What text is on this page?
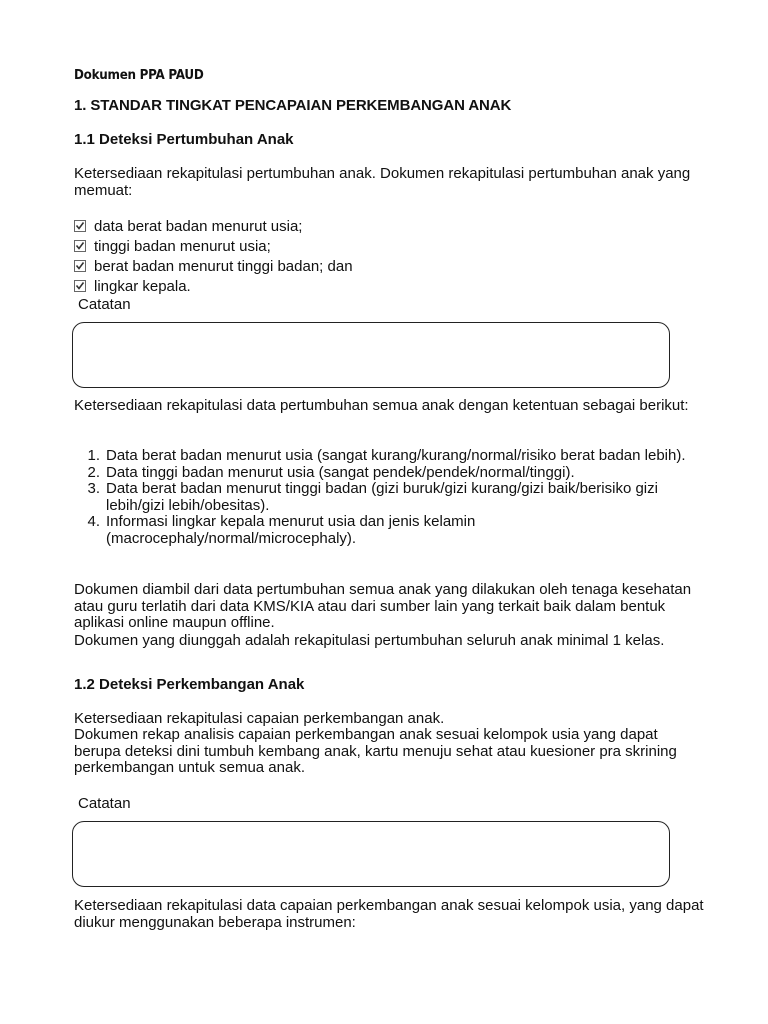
Dokumen PPA PAUD
1. STANDAR TINGKAT PENCAPAIAN PERKEMBANGAN ANAK
1.1 Deteksi Pertumbuhan Anak
Ketersediaan rekapitulasi pertumbuhan anak. Dokumen rekapitulasi pertumbuhan anak yang memuat:
data berat badan menurut usia;
tinggi badan menurut usia;
berat badan menurut tinggi badan; dan
lingkar kepala.
Catatan
Ketersediaan rekapitulasi data pertumbuhan semua anak dengan ketentuan sebagai berikut:
1. Data berat badan menurut usia (sangat kurang/kurang/normal/risiko berat badan lebih).
2. Data tinggi badan menurut usia (sangat pendek/pendek/normal/tinggi).
3. Data berat badan menurut tinggi badan (gizi buruk/gizi kurang/gizi baik/berisiko gizi lebih/gizi lebih/obesitas).
4. Informasi lingkar kepala menurut usia dan jenis kelamin (macrocephaly/normal/microcephaly).
Dokumen diambil dari data pertumbuhan semua anak yang dilakukan oleh tenaga kesehatan atau guru terlatih dari data KMS/KIA atau dari sumber lain yang terkait baik dalam bentuk aplikasi online maupun offline.
Dokumen yang diunggah adalah rekapitulasi pertumbuhan seluruh anak minimal 1 kelas.
1.2 Deteksi Perkembangan Anak
Ketersediaan rekapitulasi capaian perkembangan anak.
Dokumen rekap analisis capaian perkembangan anak sesuai kelompok usia yang dapat berupa deteksi dini tumbuh kembang anak, kartu menuju sehat atau kuesioner pra skrining perkembangan untuk semua anak.
Catatan
Ketersediaan rekapitulasi data capaian perkembangan anak sesuai kelompok usia, yang dapat diukur menggunakan beberapa instrumen:
